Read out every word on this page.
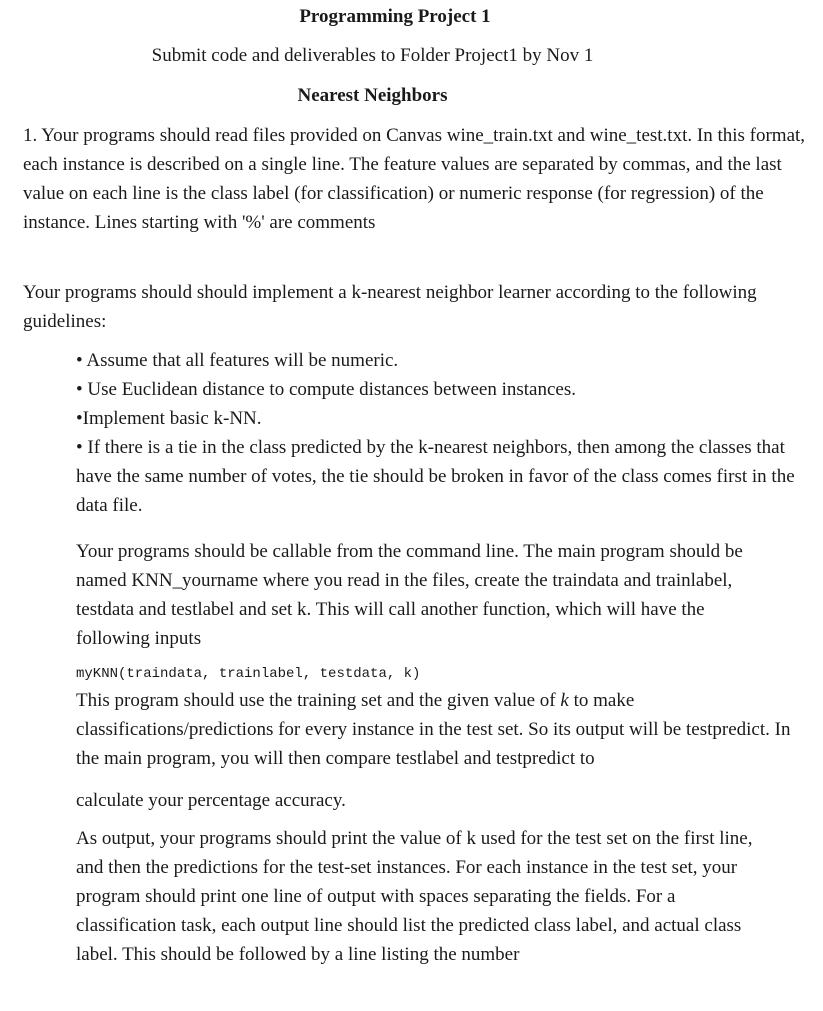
Programming Project 1

Submit code and deliverables to Folder Project1 by Nov 1

Nearest Neighbors

1. Your programs should read files provided on Canvas wine_train.txt and wine_test.txt. In this format, each instance is described on a single line. The feature values are separated by commas, and the last value on each line is the class label (for classification) or numeric response (for regression) of the instance. Lines starting with '%' are comments

Your programs should should implement a k-nearest neighbor learner according to the following guidelines:

• Assume that all features will be numeric.
• Use Euclidean distance to compute distances between instances.
•Implement basic k-NN.
• If there is a tie in the class predicted by the k-nearest neighbors, then among the classes that have the same number of votes, the tie should be broken in favor of the class comes first in the data file.

Your programs should be callable from the command line. The main program should be named KNN_yourname where you read in the files, create the traindata and trainlabel, testdata and testlabel and set k. This will call another function, which will have the following inputs

myKNN(traindata, trainlabel, testdata, k)

This program should use the training set and the given value of k to make classifications/predictions for every instance in the test set. So its output will be testpredict. In the main program, you will then compare testlabel and testpredict to

calculate your percentage accuracy.

As output, your programs should print the value of k used for the test set on the first line, and then the predictions for the test-set instances. For each instance in the test set, your program should print one line of output with spaces separating the fields. For a classification task, each output line should list the predicted class label, and actual class label. This should be followed by a line listing the number
